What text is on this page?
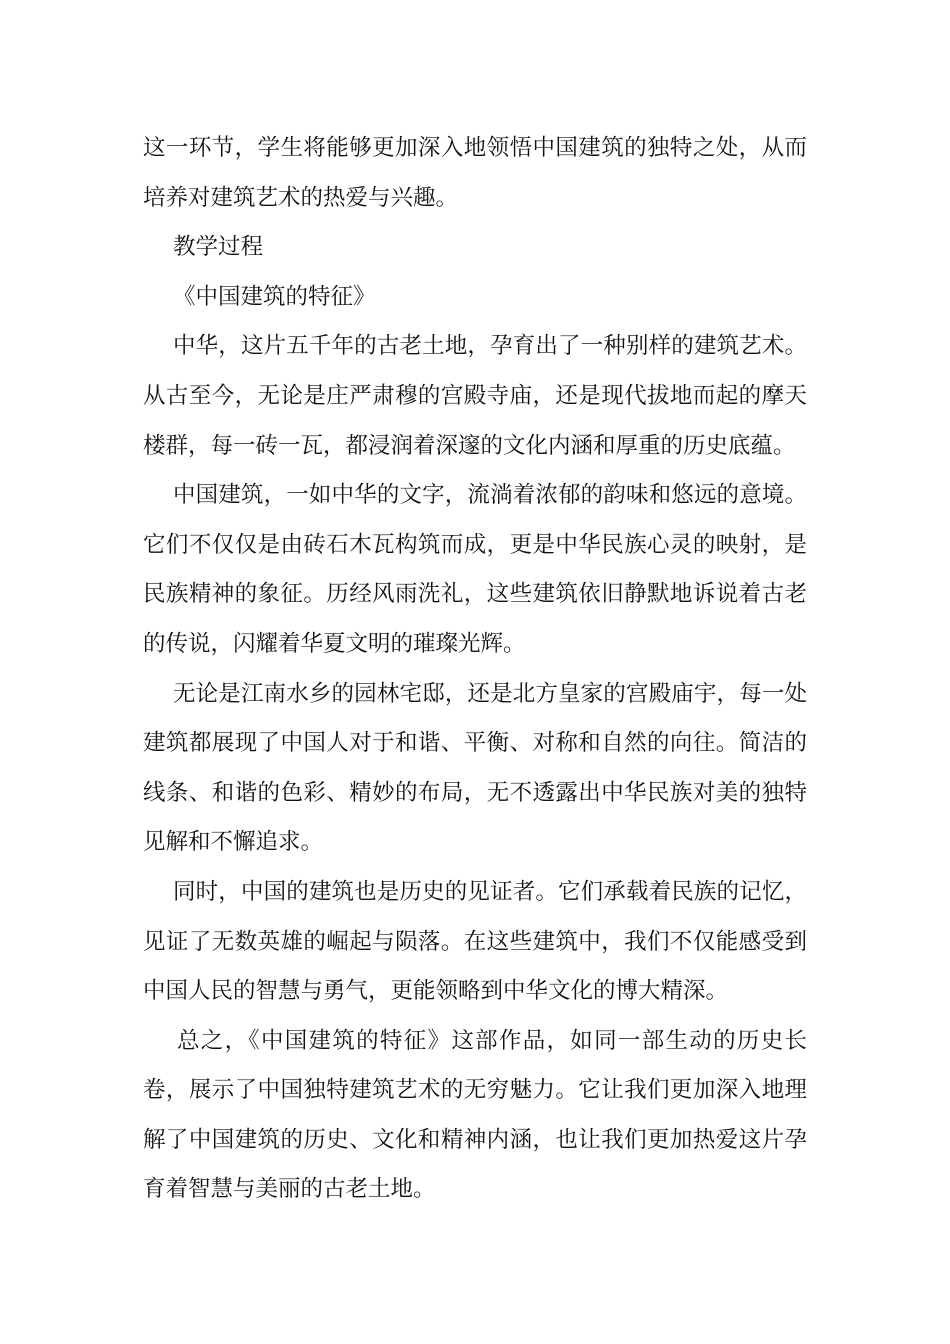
这一环节，学生将能够更加深入地领悟中国建筑的独特之处，从而培养对建筑艺术的热爱与兴趣。

教学过程

《中国建筑的特征》

中华，这片五千年的古老土地，孕育出了一种别样的建筑艺术。从古至今，无论是庄严肃穆的宫殿寺庙，还是现代拔地而起的摩天楼群，每一砖一瓦，都浸润着深邃的文化内涵和厚重的历史底蕴。

中国建筑，一如中华的文字，流淌着浓郁的韵味和悠远的意境。它们不仅仅是由砖石木瓦构筑而成，更是中华民族心灵的映射，是民族精神的象征。历经风雨洗礼，这些建筑依旧静默地诉说着古老的传说，闪耀着华夏文明的璀璨光辉。

无论是江南水乡的园林宅邸，还是北方皇家的宫殿庙宇，每一处建筑都展现了中国人对于和谐、平衡、对称和自然的向往。简洁的线条、和谐的色彩、精妙的布局，无不透露出中华民族对美的独特见解和不懈追求。

同时，中国的建筑也是历史的见证者。它们承载着民族的记忆，见证了无数英雄的崛起与陨落。在这些建筑中，我们不仅能感受到中国人民的智慧与勇气，更能领略到中华文化的博大精深。

总之，《中国建筑的特征》这部作品，如同一部生动的历史长卷，展示了中国独特建筑艺术的无穷魅力。它让我们更加深入地理解了中国建筑的历史、文化和精神内涵，也让我们更加热爱这片孕育着智慧与美丽的古老土地。
